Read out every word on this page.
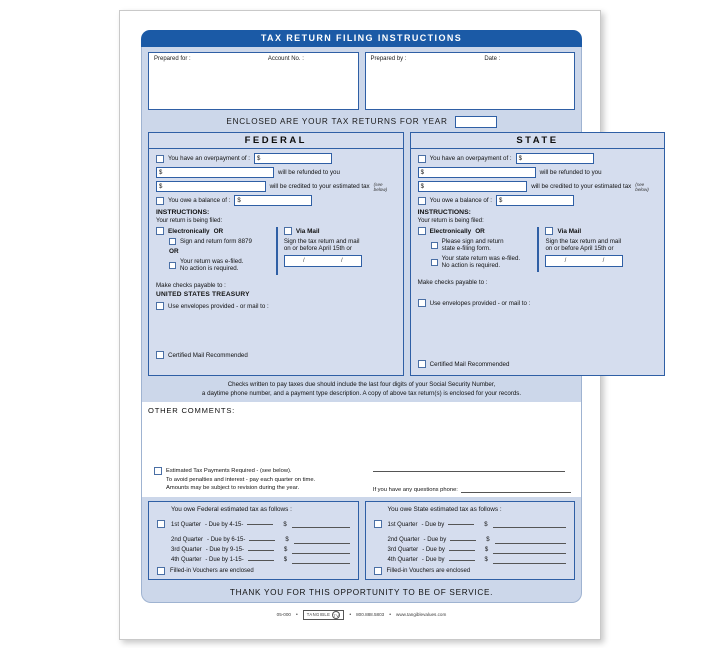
TAX RETURN FILING INSTRUCTIONS
Prepared for :	Account No. :	Prepared by :	Date :
ENCLOSED ARE YOUR TAX RETURNS FOR YEAR
FEDERAL
You have an overpayment of :	$
$	will be refunded to you
$	will be credited to your estimated tax (see below)
You owe a balance of :	$
INSTRUCTIONS:
Your return is being filed:
Electronically OR
Sign and return form 8879
OR
Your return was e-filed.
No action is required.
Via Mail
Sign the tax return and mail
on or before April 15th or
/	/
Make checks payable to :
UNITED STATES TREASURY
Use envelopes provided - or mail to :
Certified Mail Recommended
STATE
You have an overpayment of :	$
$	will be refunded to you
$	will be credited to your estimated tax (see below)
You owe a balance of :	$
INSTRUCTIONS:
Your return is being filed:
Electronically OR
Please sign and return
state e-filing form.
Your state return was e-filed.
No action is required.
Via Mail
Sign the tax return and mail
on or before April 15th or
/	/
Make checks payable to :

Use envelopes provided - or mail to :
Certified Mail Recommended
Checks written to pay taxes due should include the last four digits of your Social Security Number,
a daytime phone number, and a payment type description. A copy of above tax return(s) is enclosed for your records.
OTHER COMMENTS:
Estimated Tax Payments Required - (see below).
To avoid penalties and interest - pay each quarter on time.
Amounts may be subject to revision during the year.	If you have any questions phone:
You owe Federal estimated tax as follows :
1st Quarter - Due by 4-15-	$
2nd Quarter - Due by 6-15-	$
3rd Quarter - Due by 9-15-	$
4th Quarter - Due by 1-15-	$
Filled-in Vouchers are enclosed
You owe State estimated tax as follows :
1st Quarter - Due by	$
2nd Quarter - Due by	$
3rd Quarter - Due by	$
4th Quarter - Due by	$
Filled-in Vouchers are enclosed
THANK YOU FOR THIS OPPORTUNITY TO BE OF SERVICE.
05-000 • TANGIBLE TV • 800.888.5803 • www.tangiblevalues.com
